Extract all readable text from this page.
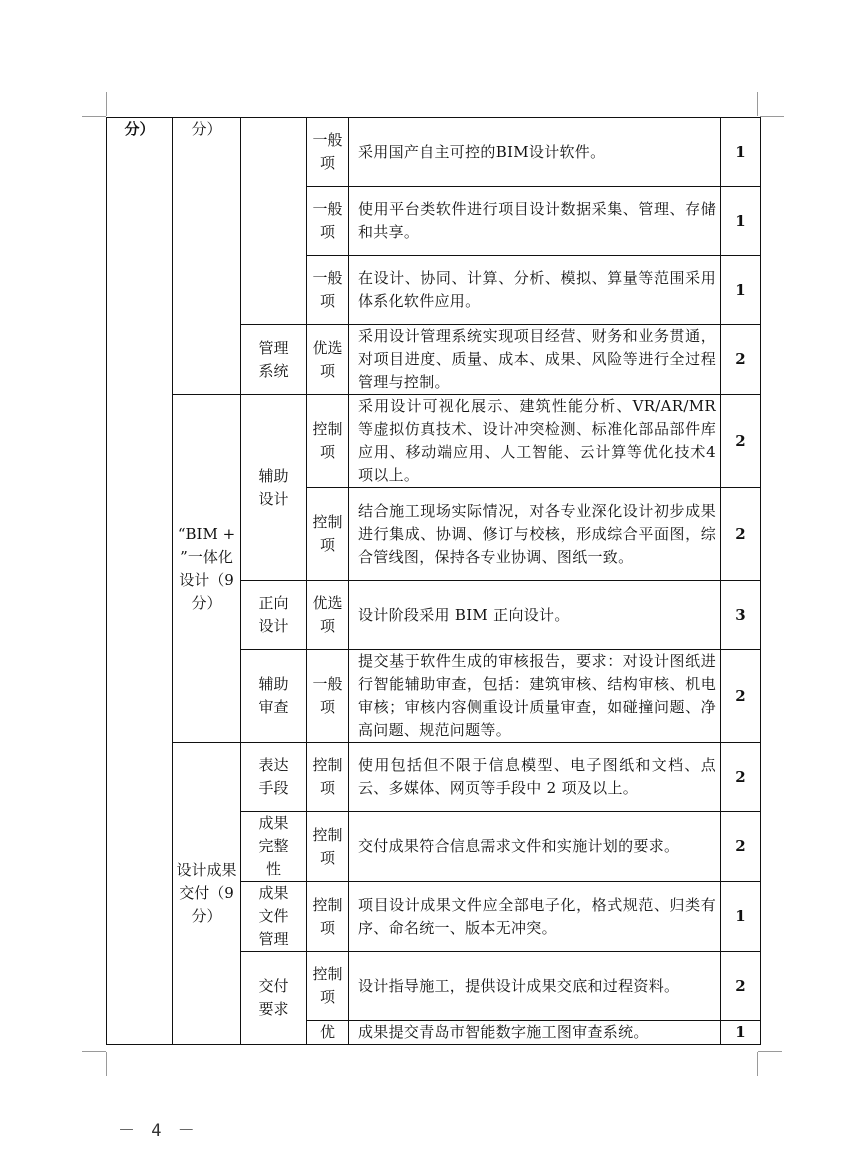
分）	分）		一般项	采用国产自主可控的BIM设计软件。	1
			一般项	使用平台类软件进行项目设计数据采集、管理、存储和共享。	1
			一般项	在设计、协同、计算、分析、模拟、算量等范围采用体系化软件应用。	1
		管理系统	优选项	采用设计管理系统实现项目经营、财务和业务贯通，对项目进度、质量、成本、成果、风险等进行全过程管理与控制。	2
	“BIM + ”一体化设计（9分）	辅助设计	控制项	采用设计可视化展示、建筑性能分析、VR/AR/MR等虚拟仿真技术、设计冲突检测、标准化部品部件库应用、移动端应用、人工智能、云计算等优化技术4项以上。	2
			控制项	结合施工现场实际情况，对各专业深化设计初步成果进行集成、协调、修订与校核，形成综合平面图，综合管线图，保持各专业协调、图纸一致。	2
		正向设计	优选项	设计阶段采用 BIM 正向设计。	3
		辅助审查	一般项	提交基于软件生成的审核报告，要求：对设计图纸进行智能辅助审查，包括：建筑审核、结构审核、机电审核；审核内容侧重设计质量审查，如碰撞问题、净高问题、规范问题等。	2
	设计成果交付（9分）	表达手段	控制项	使用包括但不限于信息模型、电子图纸和文档、点云、多媒体、网页等手段中 2 项及以上。	2
		成果完整性	控制项	交付成果符合信息需求文件和实施计划的要求。	2
		成果文件管理	控制项	项目设计成果文件应全部电子化，格式规范、归类有序、命名统一、版本无冲突。	1
		交付要求	控制项	设计指导施工，提供设计成果交底和过程资料。	2
			优	成果提交青岛市智能数字施工图审查系统。	1
－ 4 －
